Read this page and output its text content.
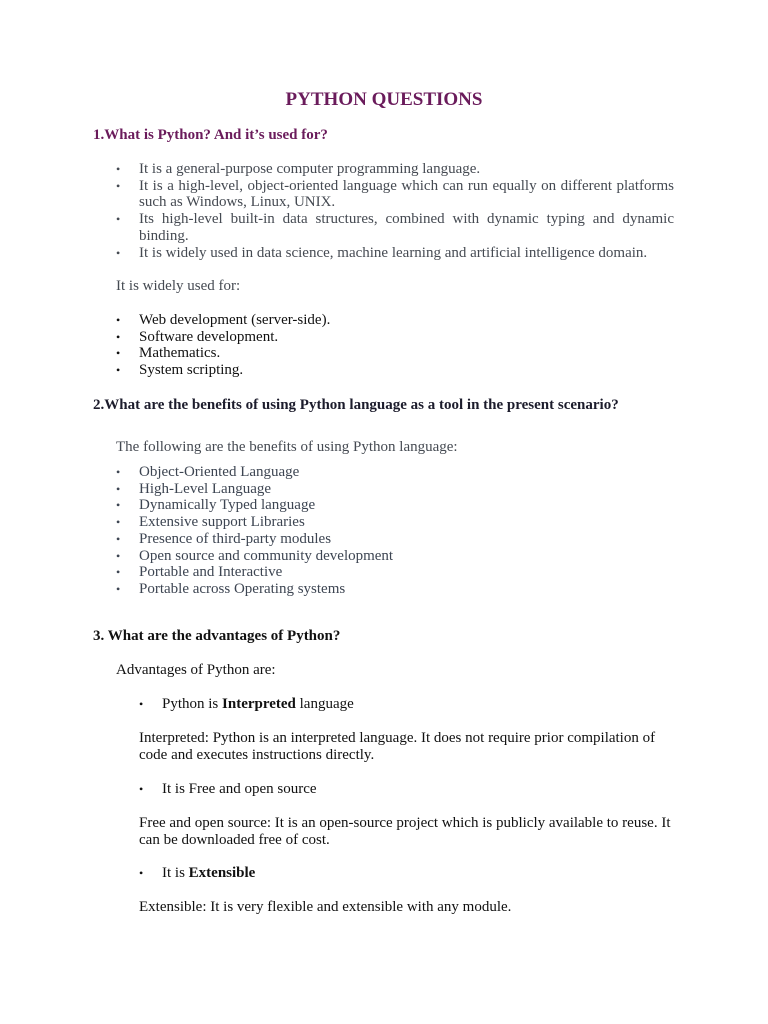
PYTHON QUESTIONS
1.What is Python? And it’s used for?
• It is a general-purpose computer programming language.
• It is a high-level, object-oriented language which can run equally on different platforms such as Windows, Linux, UNIX.
• Its high-level built-in data structures, combined with dynamic typing and dynamic binding.
• It is widely used in data science, machine learning and artificial intelligence domain.

It is widely used for:

• Web development (server-side).
• Software development.
• Mathematics.
• System scripting.
2.What are the benefits of using Python language as a tool in the present scenario?

The following are the benefits of using Python language:

• Object-Oriented Language
• High-Level Language
• Dynamically Typed language
• Extensive support Libraries
• Presence of third-party modules
• Open source and community development
• Portable and Interactive
• Portable across Operating systems
3. What are the advantages of Python?

Advantages of Python are:

• Python is Interpreted language

Interpreted: Python is an interpreted language. It does not require prior compilation of code and executes instructions directly.

• It is Free and open source

Free and open source: It is an open-source project which is publicly available to reuse. It can be downloaded free of cost.

• It is Extensible

Extensible: It is very flexible and extensible with any module.
